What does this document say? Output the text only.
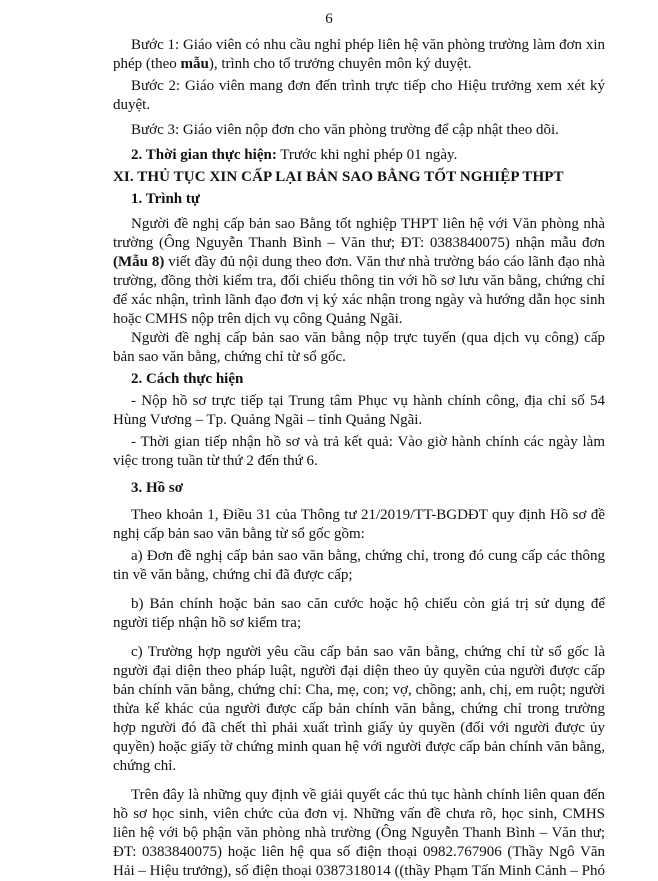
6

Bước 1: Giáo viên có nhu cầu nghỉ phép liên hệ văn phòng trường làm đơn xin phép (theo mẫu), trình cho tổ trưởng chuyên môn ký duyệt.

Bước 2: Giáo viên mang đơn đến trình trực tiếp cho Hiệu trưởng xem xét ký duyệt.

Bước 3: Giáo viên nộp đơn cho văn phòng trường để cập nhật theo dõi.

2. Thời gian thực hiện: Trước khi nghỉ phép 01 ngày.

XI. THỦ TỤC XIN CẤP LẠI BẢN SAO BẰNG TỐT NGHIỆP THPT

1. Trình tự

Người đề nghị cấp bản sao Bằng tốt nghiệp THPT liên hệ với Văn phòng nhà trường (Ông Nguyễn Thanh Bình – Văn thư; ĐT: 0383840075) nhận mẫu đơn (Mẫu 8) viết đầy đủ nội dung theo đơn. Văn thư nhà trường báo cáo lãnh đạo nhà trường, đồng thời kiểm tra, đối chiếu thông tin với hồ sơ lưu văn bằng, chứng chỉ để xác nhận, trình lãnh đạo đơn vị ký xác nhận trong ngày và hướng dẫn học sinh hoặc CMHS nộp trên dịch vụ công Quảng Ngãi.

Người đề nghị cấp bản sao văn bằng nộp trực tuyến (qua dịch vụ công) cấp bản sao văn bằng, chứng chỉ từ sổ gốc.

2. Cách thực hiện

- Nộp hồ sơ trực tiếp tại Trung tâm Phục vụ hành chính công, địa chỉ số 54 Hùng Vương – Tp. Quảng Ngãi – tỉnh Quảng Ngãi.

- Thời gian tiếp nhận hồ sơ và trả kết quả: Vào giờ hành chính các ngày làm việc trong tuần từ thứ 2 đến thứ 6.

3. Hồ sơ

Theo khoản 1, Điều 31 của Thông tư 21/2019/TT-BGDĐT quy định Hồ sơ đề nghị cấp bản sao văn bằng từ sổ gốc gồm:

a) Đơn đề nghị cấp bản sao văn bằng, chứng chỉ, trong đó cung cấp các thông tin về văn bằng, chứng chỉ đã được cấp;

b) Bản chính hoặc bản sao căn cước hoặc hộ chiếu còn giá trị sử dụng để người tiếp nhận hồ sơ kiểm tra;

c) Trường hợp người yêu cầu cấp bản sao văn bằng, chứng chỉ từ sổ gốc là người đại diện theo pháp luật, người đại diện theo ủy quyền của người được cấp bản chính văn bằng, chứng chỉ: Cha, mẹ, con; vợ, chồng; anh, chị, em ruột; người thừa kế khác của người được cấp bản chính văn bằng, chứng chỉ trong trường hợp người đó đã chết thì phải xuất trình giấy ủy quyền (đối với người được ủy quyền) hoặc giấy tờ chứng minh quan hệ với người được cấp bản chính văn bằng, chứng chỉ.

Trên đây là những quy định về giải quyết các thủ tục hành chính liên quan đến hồ sơ học sinh, viên chức của đơn vị. Những vấn đề chưa rõ, học sinh, CMHS liên hệ với bộ phận văn phòng nhà trường (Ông Nguyễn Thanh Bình – Văn thư; ĐT: 0383840075) hoặc liên hệ qua số điện thoại 0982.767906 (Thầy Ngô Văn Hải – Hiệu trưởng), số điện thoại 0387318014 ((thầy Phạm Tấn Minh Cảnh – Phó
